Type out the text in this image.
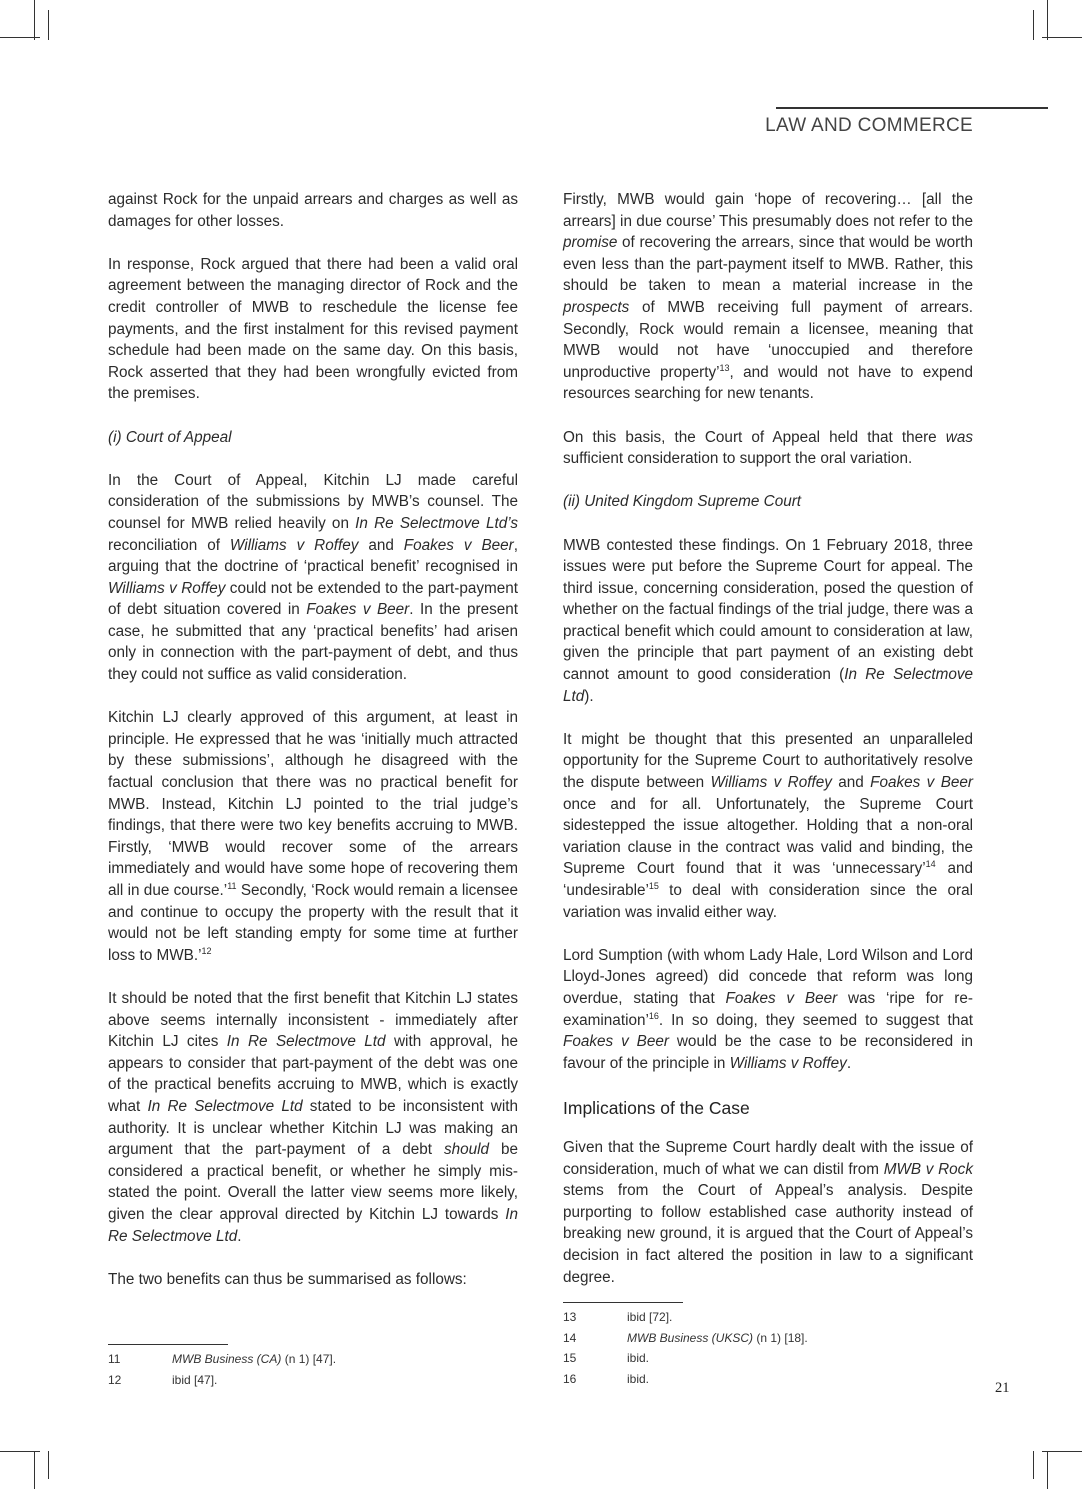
LAW AND COMMERCE

against Rock for the unpaid arrears and charges as well as damages for other losses.

In response, Rock argued that there had been a valid oral agreement between the managing director of Rock and the credit controller of MWB to reschedule the license fee payments, and the first instalment for this revised payment schedule had been made on the same day. On this basis, Rock asserted that they had been wrongfully evicted from the premises.

(i) Court of Appeal

In the Court of Appeal, Kitchin LJ made careful consideration of the submissions by MWB’s counsel. The counsel for MWB relied heavily on In Re Selectmove Ltd’s reconciliation of Williams v Roffey and Foakes v Beer, arguing that the doctrine of ‘practical benefit’ recognised in Williams v Roffey could not be extended to the part-payment of debt situation covered in Foakes v Beer. In the present case, he submitted that any ‘practical benefits’ had arisen only in connection with the part-payment of debt, and thus they could not suffice as valid consideration.

Kitchin LJ clearly approved of this argument, at least in principle. He expressed that he was ‘initially much attracted by these submissions’, although he disagreed with the factual conclusion that there was no practical benefit for MWB. Instead, Kitchin LJ pointed to the trial judge’s findings, that there were two key benefits accruing to MWB. Firstly, ‘MWB would recover some of the arrears immediately and would have some hope of recovering them all in due course.’$^{11}$ Secondly, ‘Rock would remain a licensee and continue to occupy the property with the result that it would not be left standing empty for some time at further loss to MWB.’$^{12}$

It should be noted that the first benefit that Kitchin LJ states above seems internally inconsistent - immediately after Kitchin LJ cites In Re Selectmove Ltd with approval, he appears to consider that part-payment of the debt was one of the practical benefits accruing to MWB, which is exactly what In Re Selectmove Ltd stated to be inconsistent with authority. It is unclear whether Kitchin LJ was making an argument that the part-payment of a debt should be considered a practical benefit, or whether he simply mis-stated the point. Overall the latter view seems more likely, given the clear approval directed by Kitchin LJ towards In Re Selectmove Ltd.

The two benefits can thus be summarised as follows:

Firstly, MWB would gain ‘hope of recovering… [all the arrears] in due course’ This presumably does not refer to the promise of recovering the arrears, since that would be worth even less than the part-payment itself to MWB. Rather, this should be taken to mean a material increase in the prospects of MWB receiving full payment of arrears. Secondly, Rock would remain a licensee, meaning that MWB would not have ‘unoccupied and therefore unproductive property’$^{13}$, and would not have to expend resources searching for new tenants.

On this basis, the Court of Appeal held that there was sufficient consideration to support the oral variation.

(ii) United Kingdom Supreme Court

MWB contested these findings. On 1 February 2018, three issues were put before the Supreme Court for appeal. The third issue, concerning consideration, posed the question of whether on the factual findings of the trial judge, there was a practical benefit which could amount to consideration at law, given the principle that part payment of an existing debt cannot amount to good consideration (In Re Selectmove Ltd).

It might be thought that this presented an unparalleled opportunity for the Supreme Court to authoritatively resolve the dispute between Williams v Roffey and Foakes v Beer once and for all. Unfortunately, the Supreme Court sidestepped the issue altogether. Holding that a non-oral variation clause in the contract was valid and binding, the Supreme Court found that it was ‘unnecessary’$^{14}$ and ‘undesirable’$^{15}$ to deal with consideration since the oral variation was invalid either way.

Lord Sumption (with whom Lady Hale, Lord Wilson and Lord Lloyd-Jones agreed) did concede that reform was long overdue, stating that Foakes v Beer was ‘ripe for re-examination’$^{16}$. In so doing, they seemed to suggest that Foakes v Beer would be the case to be reconsidered in favour of the principle in Williams v Roffey.

Implications of the Case

Given that the Supreme Court hardly dealt with the issue of consideration, much of what we can distil from MWB v Rock stems from the Court of Appeal’s analysis. Despite purporting to follow established case authority instead of breaking new ground, it is argued that the Court of Appeal’s decision in fact altered the position in law to a significant degree.

11	MWB Business (CA) (n 1) [47].
12	ibid [47].
13	ibid [72].
14	MWB Business (UKSC) (n 1) [18].
15	ibid.
16	ibid.
21
